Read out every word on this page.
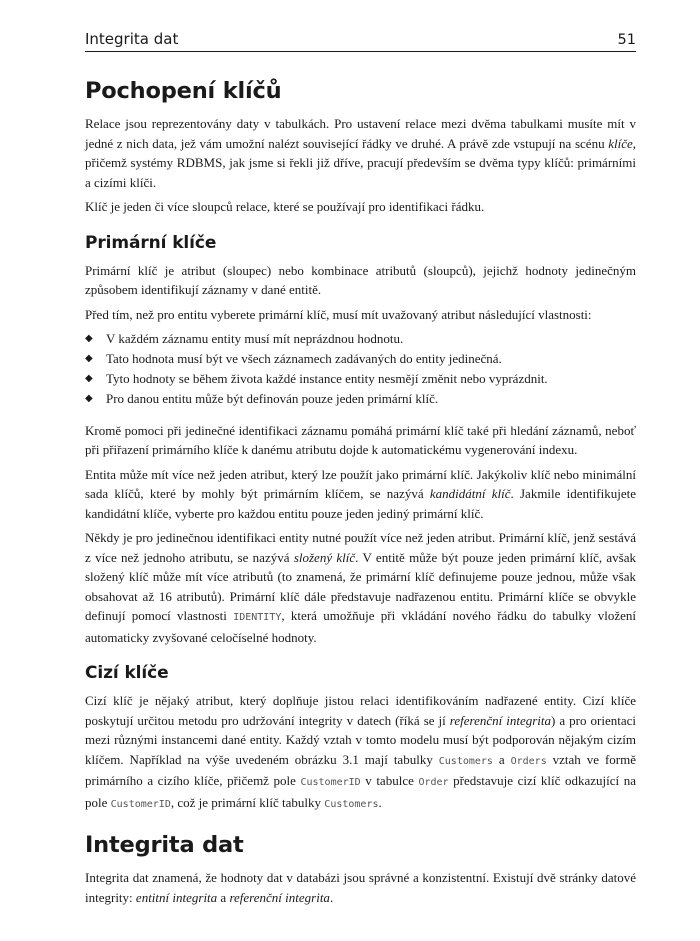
Integrita dat	51
Pochopení klíčů

Relace jsou reprezentovány daty v tabulkách. Pro ustavení relace mezi dvěma tabulkami musíte mít v jedné z nich data, jež vám umožní nalézt související řádky ve druhé. A právě zde vstupují na scénu klíče, přičemž systémy RDBMS, jak jsme si řekli již dříve, pracují především se dvěma typy klíčů: primárními a cizími klíči.

Klíč je jeden či více sloupců relace, které se používají pro identifikaci řádku.

Primární klíče

Primární klíč je atribut (sloupec) nebo kombinace atributů (sloupců), jejichž hodnoty jedinečným způsobem identifikují záznamy v dané entitě.

Před tím, než pro entitu vyberete primární klíč, musí mít uvažovaný atribut následující vlastnosti:

◆ V každém záznamu entity musí mít neprázdnou hodnotu.
◆ Tato hodnota musí být ve všech záznamech zadávaných do entity jedinečná.
◆ Tyto hodnoty se během života každé instance entity nesmějí změnit nebo vyprázdnit.
◆ Pro danou entitu může být definován pouze jeden primární klíč.

Kromě pomoci při jedinečné identifikaci záznamu pomáhá primární klíč také při hledání záznamů, neboť při přiřazení primárního klíče k danému atributu dojde k automatickému vygenerování indexu.

Entita může mít více než jeden atribut, který lze použít jako primární klíč. Jakýkoliv klíč nebo minimální sada klíčů, které by mohly být primárním klíčem, se nazývá kandidátní klíč. Jakmile identifikujete kandidátní klíče, vyberte pro každou entitu pouze jeden jediný primární klíč.

Někdy je pro jedinečnou identifikaci entity nutné použít více než jeden atribut. Primární klíč, jenž sestává z více než jednoho atributu, se nazývá složený klíč. V entitě může být pouze jeden primární klíč, avšak složený klíč může mít více atributů (to znamená, že primární klíč definujeme pouze jednou, může však obsahovat až 16 atributů). Primární klíč dále představuje nadřazenou entitu. Primární klíče se obvykle definují pomocí vlastnosti IDENTITY, která umožňuje při vkládání nového řádku do tabulky vložení automaticky zvyšované celočíselné hodnoty.

Cizí klíče

Cizí klíč je nějaký atribut, který doplňuje jistou relaci identifikováním nadřazené entity. Cizí klíče poskytují určitou metodu pro udržování integrity v datech (říká se jí referenční integrita) a pro orientaci mezi různými instancemi dané entity. Každý vztah v tomto modelu musí být podporován nějakým cizím klíčem. Například na výše uvedeném obrázku 3.1 mají tabulky Customers a Orders vztah ve formě primárního a cizího klíče, přičemž pole CustomerID v tabulce Order představuje cizí klíč odkazující na pole CustomerID, což je primární klíč tabulky Customers.

Integrita dat

Integrita dat znamená, že hodnoty dat v databázi jsou správné a konzistentní. Existují dvě stránky datové integrity: entitní integrita a referenční integrita.
